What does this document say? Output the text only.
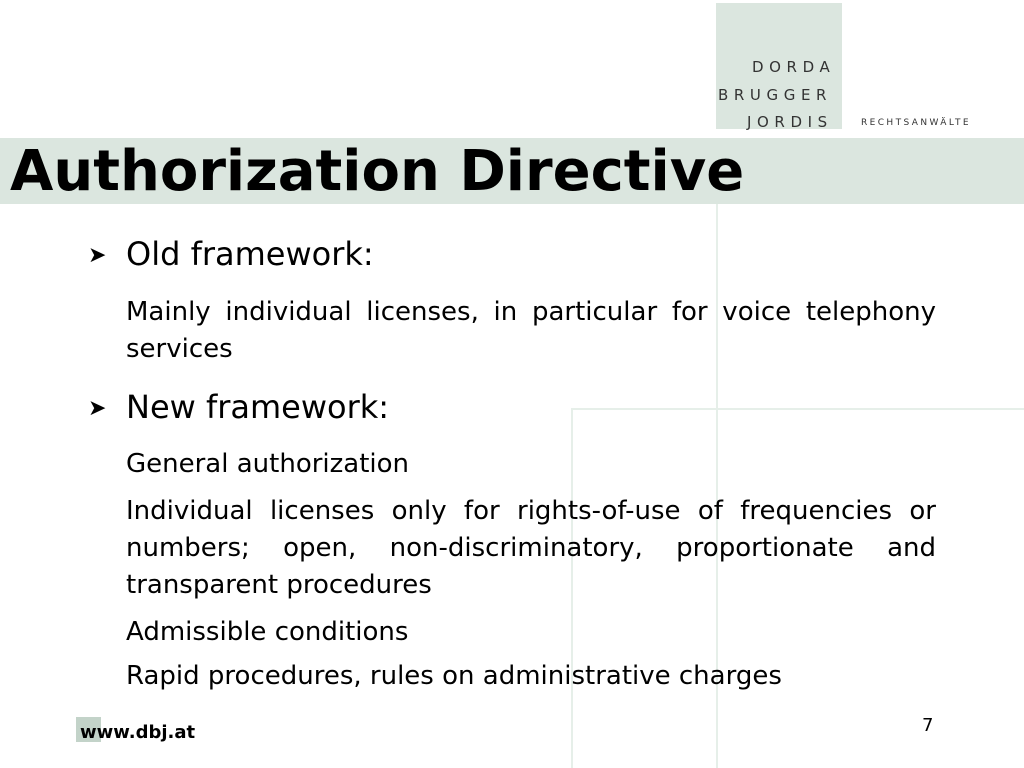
DORDA
BRUGGER
JORDIS	RECHTSANWÄLTE
Authorization Directive
➤ Old framework:
Mainly individual licenses, in particular for voice telephony services
➤ New framework:
General authorization
Individual licenses only for rights-of-use of frequencies or numbers; open, non-discriminatory, proportionate and transparent procedures
Admissible conditions
Rapid procedures, rules on administrative charges
www.dbj.at	7
